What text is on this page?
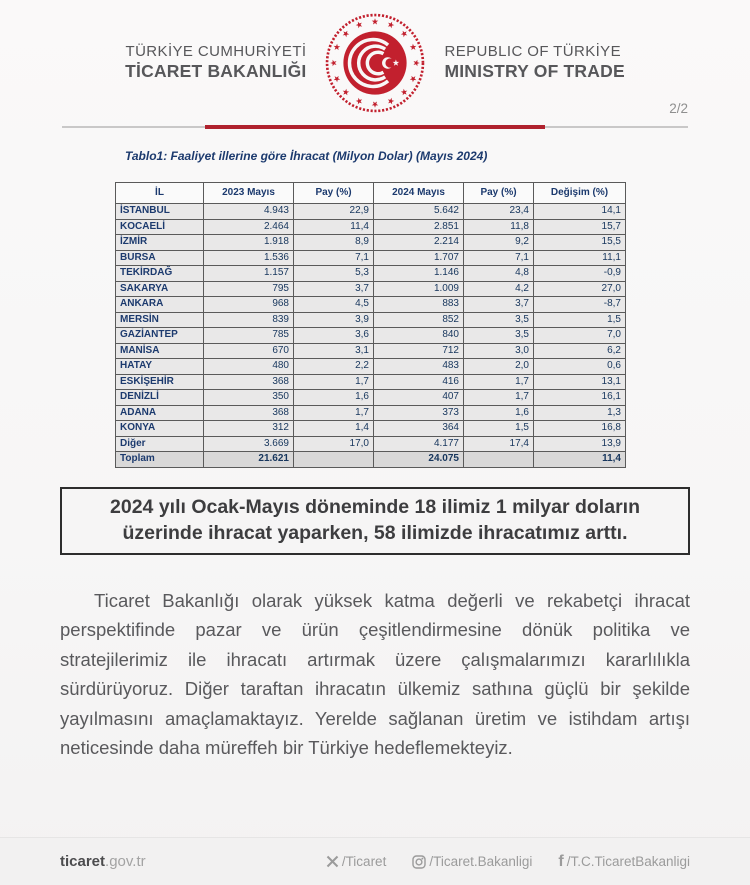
TÜRKİYE CUMHURİYETİ
TİCARET BAKANLIĞI
REPUBLIC OF TÜRKİYE
MINISTRY OF TRADE
2/2
Tablo1: Faaliyet illerine göre İhracat (Milyon Dolar) (Mayıs 2024)
İL	2023 Mayıs	Pay (%)	2024 Mayıs	Pay (%)	Değişim (%)
İSTANBUL	4.943	22,9	5.642	23,4	14,1
KOCAELİ	2.464	11,4	2.851	11,8	15,7
İZMİR	1.918	8,9	2.214	9,2	15,5
BURSA	1.536	7,1	1.707	7,1	11,1
TEKİRDAĞ	1.157	5,3	1.146	4,8	-0,9
SAKARYA	795	3,7	1.009	4,2	27,0
ANKARA	968	4,5	883	3,7	-8,7
MERSİN	839	3,9	852	3,5	1,5
GAZİANTEP	785	3,6	840	3,5	7,0
MANİSA	670	3,1	712	3,0	6,2
HATAY	480	2,2	483	2,0	0,6
ESKİŞEHİR	368	1,7	416	1,7	13,1
DENİZLİ	350	1,6	407	1,7	16,1
ADANA	368	1,7	373	1,6	1,3
KONYA	312	1,4	364	1,5	16,8
Diğer	3.669	17,0	4.177	17,4	13,9
Toplam	21.621		24.075		11,4
2024 yılı Ocak-Mayıs döneminde 18 ilimiz 1 milyar doların üzerinde ihracat yaparken, 58 ilimizde ihracatımız arttı.

Ticaret Bakanlığı olarak yüksek katma değerli ve rekabetçi ihracat perspektifinde pazar ve ürün çeşitlendirmesine dönük politika ve stratejilerimiz ile ihracatı artırmak üzere çalışmalarımızı kararlılıkla sürdürüyoruz. Diğer taraftan ihracatın ülkemiz sathına güçlü bir şekilde yayılmasını amaçlamaktayız. Yerelde sağlanan üretim ve istihdam artışı neticesinde daha müreffeh bir Türkiye hedeflemekteyiz.

ticaret.gov.tr	/Ticaret	/Ticaret.Bakanligi f /T.C.TicaretBakanligi
